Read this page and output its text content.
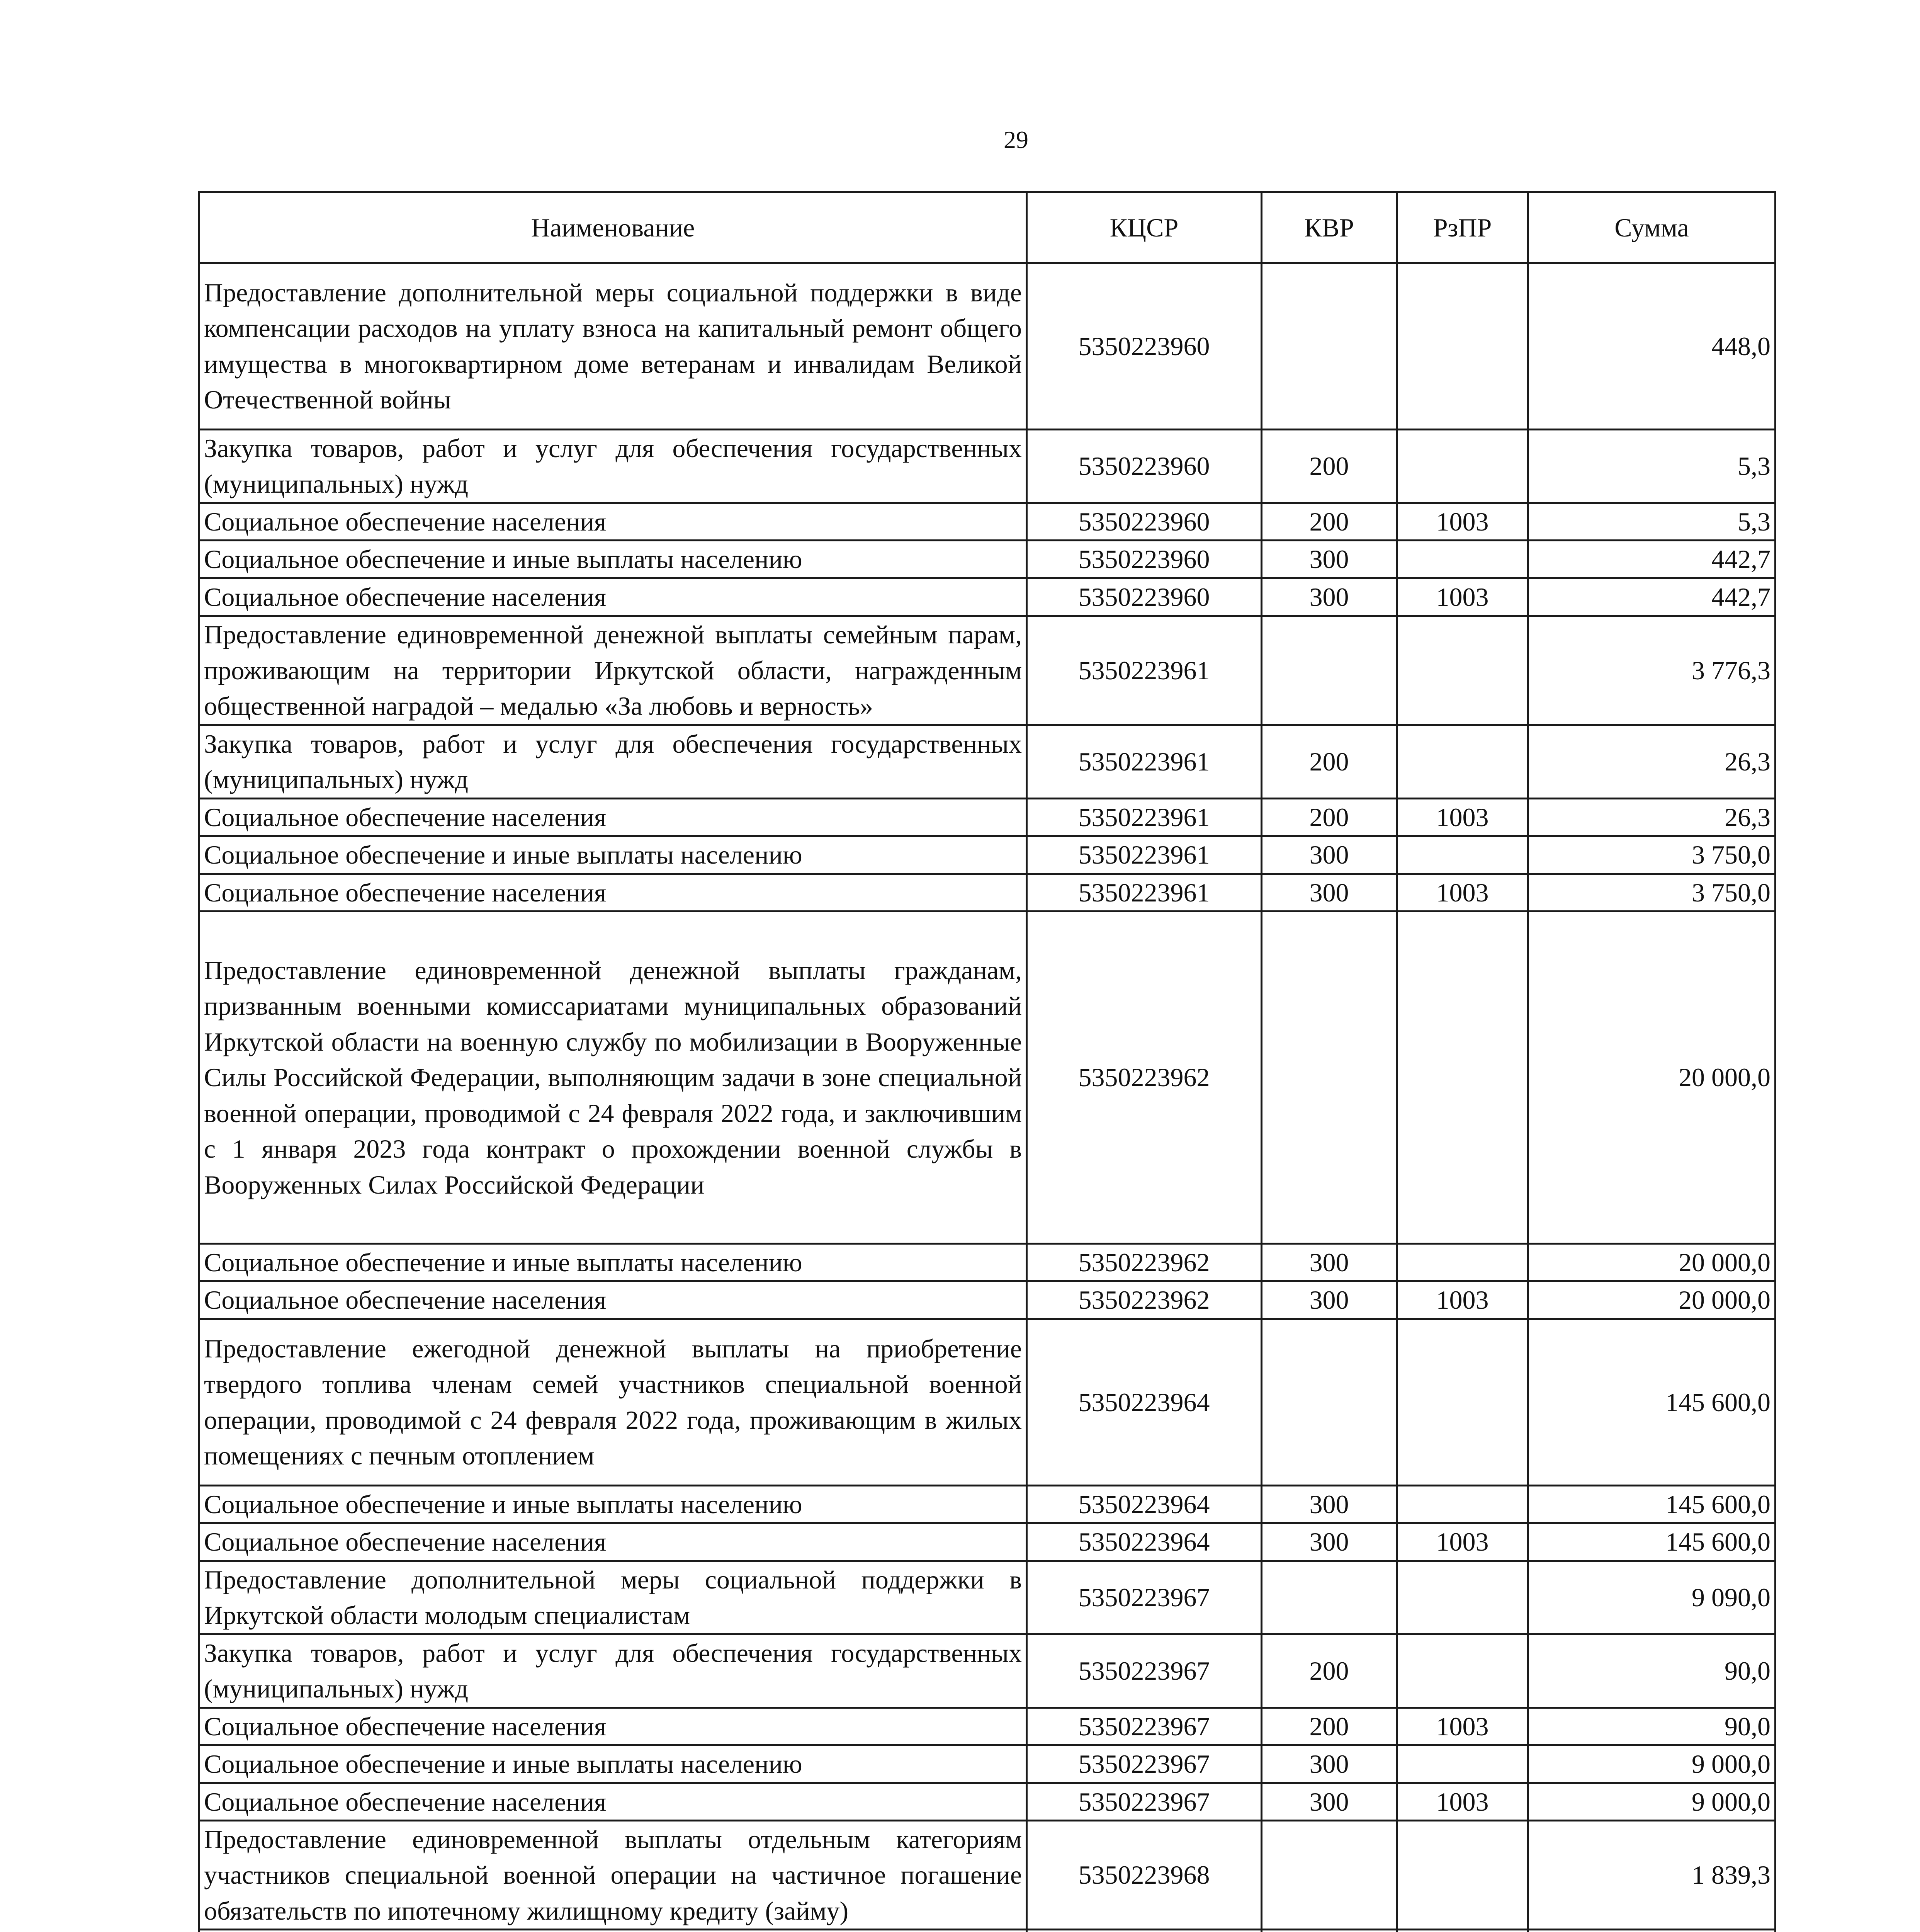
29
Наименование	КЦСР	КВР	РзПР	Сумма
Предоставление дополнительной меры социальной поддержки в виде компенсации расходов на уплату взноса на капитальный ремонт общего имущества в многоквартирном доме ветеранам и инвалидам Великой Отечественной войны	5350223960			448,0
Закупка товаров, работ и услуг для обеспечения государственных (муниципальных) нужд	5350223960	200		5,3
Социальное обеспечение населения	5350223960	200	1003	5,3
Социальное обеспечение и иные выплаты населению	5350223960	300		442,7
Социальное обеспечение населения	5350223960	300	1003	442,7
Предоставление единовременной денежной выплаты семейным парам, проживающим на территории Иркутской области, награжденным общественной наградой – медалью «За любовь и верность»	5350223961			3 776,3
Закупка товаров, работ и услуг для обеспечения государственных (муниципальных) нужд	5350223961	200		26,3
Социальное обеспечение населения	5350223961	200	1003	26,3
Социальное обеспечение и иные выплаты населению	5350223961	300		3 750,0
Социальное обеспечение населения	5350223961	300	1003	3 750,0
Предоставление единовременной денежной выплаты гражданам, призванным военными комиссариатами муниципальных образований Иркутской области на военную службу по мобилизации в Вооруженные Силы Российской Федерации, выполняющим задачи в зоне специальной военной операции, проводимой с 24 февраля 2022 года, и заключившим с 1 января 2023 года контракт о прохождении военной службы в Вооруженных Силах Российской Федерации	5350223962			20 000,0
Социальное обеспечение и иные выплаты населению	5350223962	300		20 000,0
Социальное обеспечение населения	5350223962	300	1003	20 000,0
Предоставление ежегодной денежной выплаты на приобретение твердого топлива членам семей участников специальной военной операции, проводимой с 24 февраля 2022 года, проживающим в жилых помещениях с печным отоплением	5350223964			145 600,0
Социальное обеспечение и иные выплаты населению	5350223964	300		145 600,0
Социальное обеспечение населения	5350223964	300	1003	145 600,0
Предоставление дополнительной меры социальной поддержки в Иркутской области молодым специалистам	5350223967			9 090,0
Закупка товаров, работ и услуг для обеспечения государственных (муниципальных) нужд	5350223967	200		90,0
Социальное обеспечение населения	5350223967	200	1003	90,0
Социальное обеспечение и иные выплаты населению	5350223967	300		9 000,0
Социальное обеспечение населения	5350223967	300	1003	9 000,0
Предоставление единовременной выплаты отдельным категориям участников специальной военной операции на частичное погашение обязательств по ипотечному жилищному кредиту (займу)	5350223968			1 839,3
